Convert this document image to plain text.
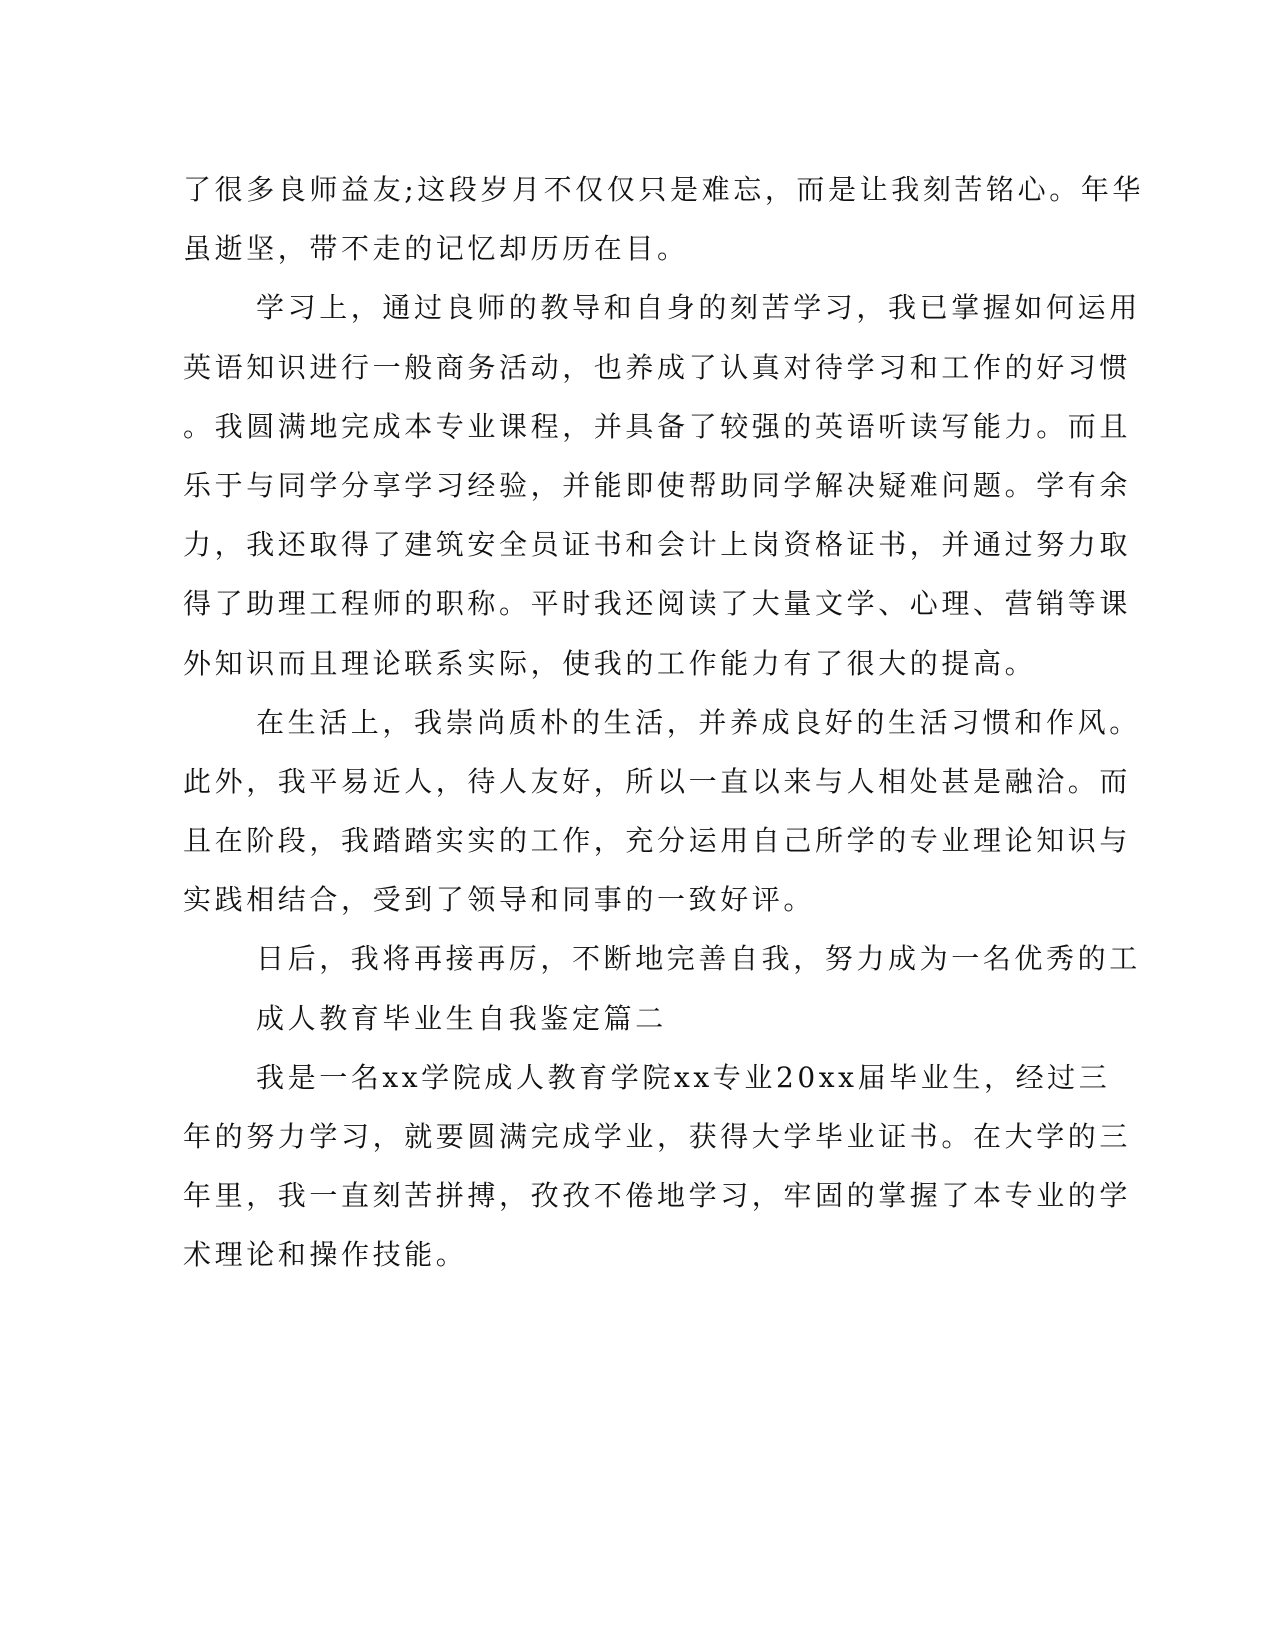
了很多良师益友;这段岁月不仅仅只是难忘，而是让我刻苦铭心。年华
虽逝坚，带不走的记忆却历历在目。
学习上，通过良师的教导和自身的刻苦学习，我已掌握如何运用
英语知识进行一般商务活动，也养成了认真对待学习和工作的好习惯
。我圆满地完成本专业课程，并具备了较强的英语听读写能力。而且
乐于与同学分享学习经验，并能即使帮助同学解决疑难问题。学有余
力，我还取得了建筑安全员证书和会计上岗资格证书，并通过努力取
得了助理工程师的职称。平时我还阅读了大量文学、心理、营销等课
外知识而且理论联系实际，使我的工作能力有了很大的提高。
在生活上，我崇尚质朴的生活，并养成良好的生活习惯和作风。
此外，我平易近人，待人友好，所以一直以来与人相处甚是融洽。而
且在阶段，我踏踏实实的工作，充分运用自己所学的专业理论知识与
实践相结合，受到了领导和同事的一致好评。
日后，我将再接再厉，不断地完善自我，努力成为一名优秀的工
成人教育毕业生自我鉴定篇二
我是一名xx学院成人教育学院xx专业20xx届毕业生，经过三
年的努力学习，就要圆满完成学业，获得大学毕业证书。在大学的三
年里，我一直刻苦拼搏，孜孜不倦地学习，牢固的掌握了本专业的学
术理论和操作技能。
